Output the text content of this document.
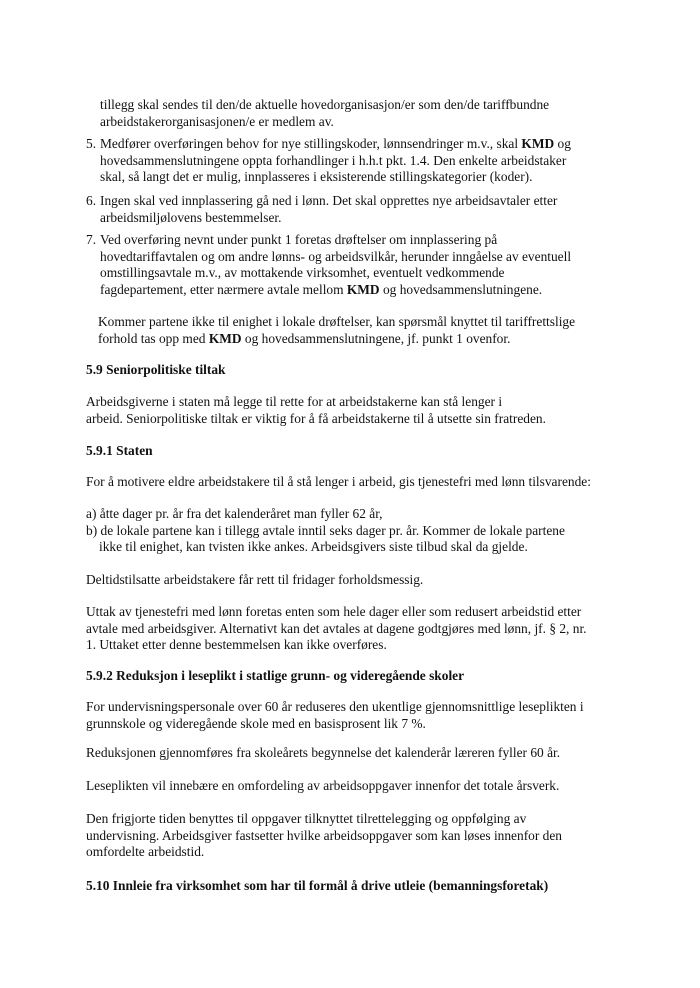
tillegg skal sendes til den/de aktuelle hovedorganisasjon/er som den/de tariffbundne
arbeidstakerorganisasjonen/e er medlem av.
5. Medfører overføringen behov for nye stillingskoder, lønnsendringer m.v., skal KMD og
hovedsammenslutningene oppta forhandlinger i h.h.t pkt. 1.4. Den enkelte arbeidstaker
skal, så langt det er mulig, innplasseres i eksisterende stillingskategorier (koder).
6. Ingen skal ved innplassering gå ned i lønn. Det skal opprettes nye arbeidsavtaler etter
arbeidsmiljølovens bestemmelser.
7. Ved overføring nevnt under punkt 1 foretas drøftelser om innplassering på
hovedtariffavtalen og om andre lønns- og arbeidsvilkår, herunder inngåelse av eventuell
omstillingsavtale m.v., av mottakende virksomhet, eventuelt vedkommende
fagdepartement, etter nærmere avtale mellom KMD og hovedsammenslutningene.
Kommer partene ikke til enighet i lokale drøftelser, kan spørsmål knyttet til tariffrettslige
forhold tas opp med KMD og hovedsammenslutningene, jf. punkt 1 ovenfor.
5.9 Seniorpolitiske tiltak
Arbeidsgiverne i staten må legge til rette for at arbeidstakerne kan stå lenger i
arbeid. Seniorpolitiske tiltak er viktig for å få arbeidstakerne til å utsette sin fratreden.
5.9.1 Staten
For å motivere eldre arbeidstakere til å stå lenger i arbeid, gis tjenestefri med lønn tilsvarende:
a) åtte dager pr. år fra det kalenderåret man fyller 62 år,
b) de lokale partene kan i tillegg avtale inntil seks dager pr. år. Kommer de lokale partene
ikke til enighet, kan tvisten ikke ankes. Arbeidsgivers siste tilbud skal da gjelde.
Deltidstilsatte arbeidstakere får rett til fridager forholdsmessig.
Uttak av tjenestefri med lønn foretas enten som hele dager eller som redusert arbeidstid etter
avtale med arbeidsgiver. Alternativt kan det avtales at dagene godtgjøres med lønn, jf. § 2, nr.
1. Uttaket etter denne bestemmelsen kan ikke overføres.
5.9.2 Reduksjon i leseplikt i statlige grunn- og videregående skoler
For undervisningspersonale over 60 år reduseres den ukentlige gjennomsnittlige leseplikten i
grunnskole og videregående skole med en basisprosent lik 7 %.
Reduksjonen gjennomføres fra skoleårets begynnelse det kalenderår læreren fyller 60 år.
Leseplikten vil innebære en omfordeling av arbeidsoppgaver innenfor det totale årsverk.
Den frigjorte tiden benyttes til oppgaver tilknyttet tilrettelegging og oppfølging av
undervisning. Arbeidsgiver fastsetter hvilke arbeidsoppgaver som kan løses innenfor den
omfordelte arbeidstid.
5.10 Innleie fra virksomhet som har til formål å drive utleie (bemanningsforetak)
